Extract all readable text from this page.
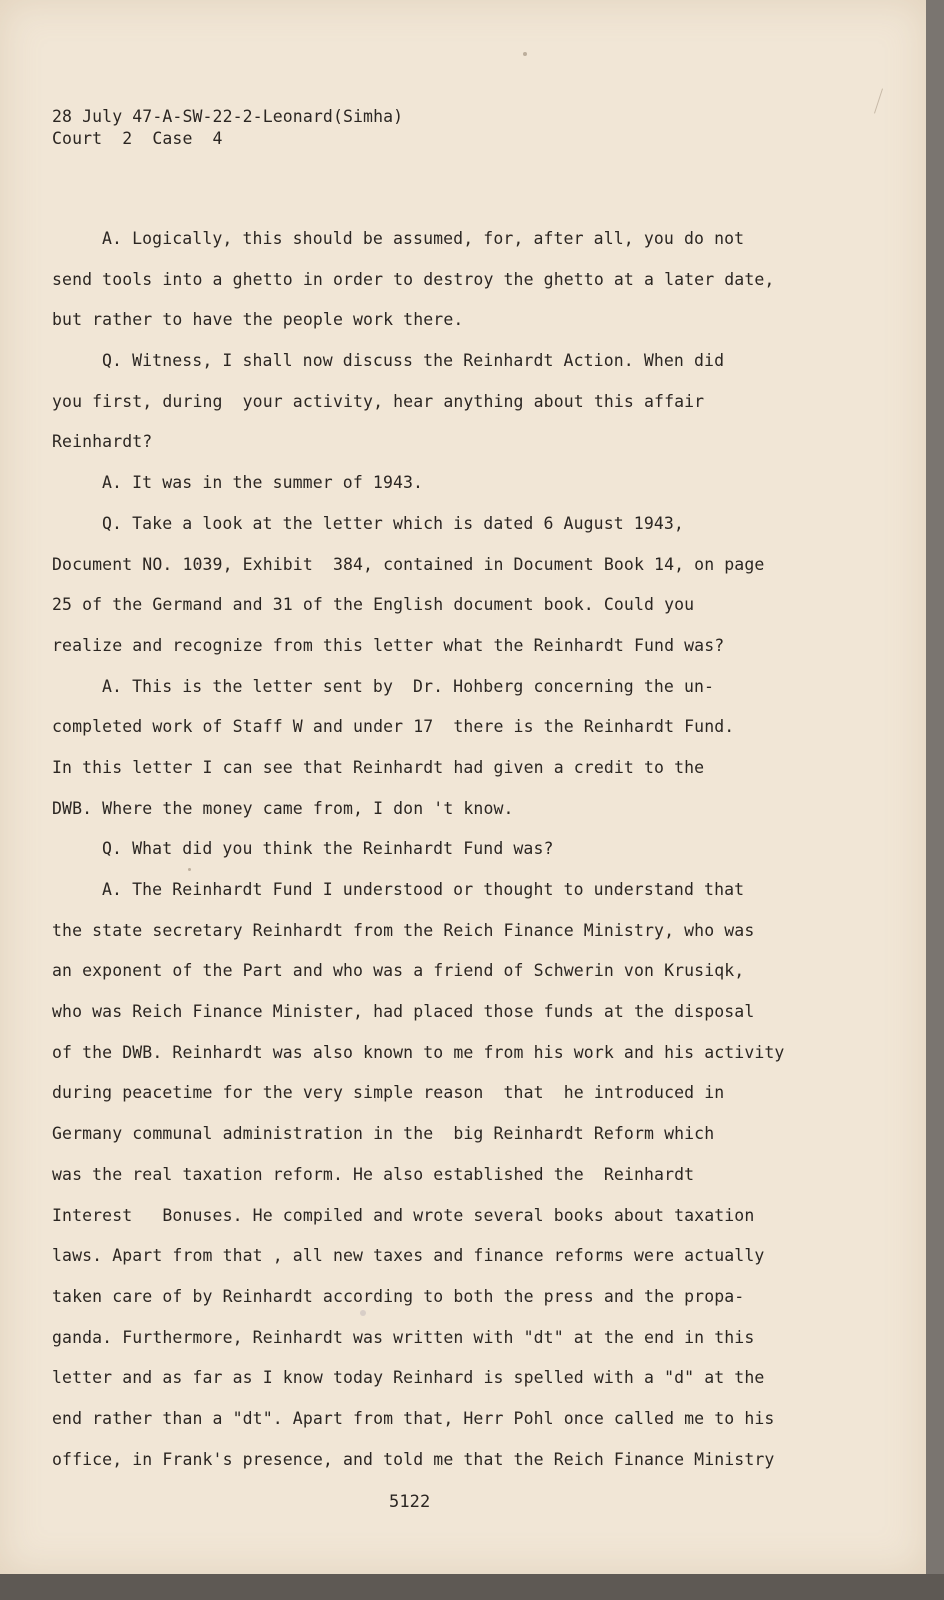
28 July 47-A-SW-22-2-Leonard(Simha)
Court  2  Case  4
A. Logically, this should be assumed, for, after all, you do not
send tools into a ghetto in order to destroy the ghetto at a later date,
but rather to have the people work there.
Q. Witness, I shall now discuss the Reinhardt Action. When did
you first, during  your activity, hear anything about this affair
Reinhardt?
A. It was in the summer of 1943.
Q. Take a look at the letter which is dated 6 August 1943,
Document NO. 1039, Exhibit  384, contained in Document Book 14, on page
25 of the Germand and 31 of the English document book. Could you
realize and recognize from this letter what the Reinhardt Fund was?
A. This is the letter sent by  Dr. Hohberg concerning the un-
completed work of Staff W and under 17  there is the Reinhardt Fund.
In this letter I can see that Reinhardt had given a credit to the
DWB. Where the money came from, I don 't know.
Q. What did you think the Reinhardt Fund was?
A. The Reinhardt Fund I understood or thought to understand that
the state secretary Reinhardt from the Reich Finance Ministry, who was
an exponent of the Part and who was a friend of Schwerin von Krusiqk,
who was Reich Finance Minister, had placed those funds at the disposal
of the DWB. Reinhardt was also known to me from his work and his activity
during peacetime for the very simple reason  that  he introduced in
Germany communal administration in the  big Reinhardt Reform which
was the real taxation reform. He also established the  Reinhardt
Interest   Bonuses. He compiled and wrote several books about taxation
laws. Apart from that , all new taxes and finance reforms were actually
taken care of by Reinhardt according to both the press and the propa-
ganda. Furthermore, Reinhardt was written with "dt" at the end in this
letter and as far as I know today Reinhard is spelled with a "d" at the
end rather than a "dt". Apart from that, Herr Pohl once called me to his
office, in Frank's presence, and told me that the Reich Finance Ministry
5122
